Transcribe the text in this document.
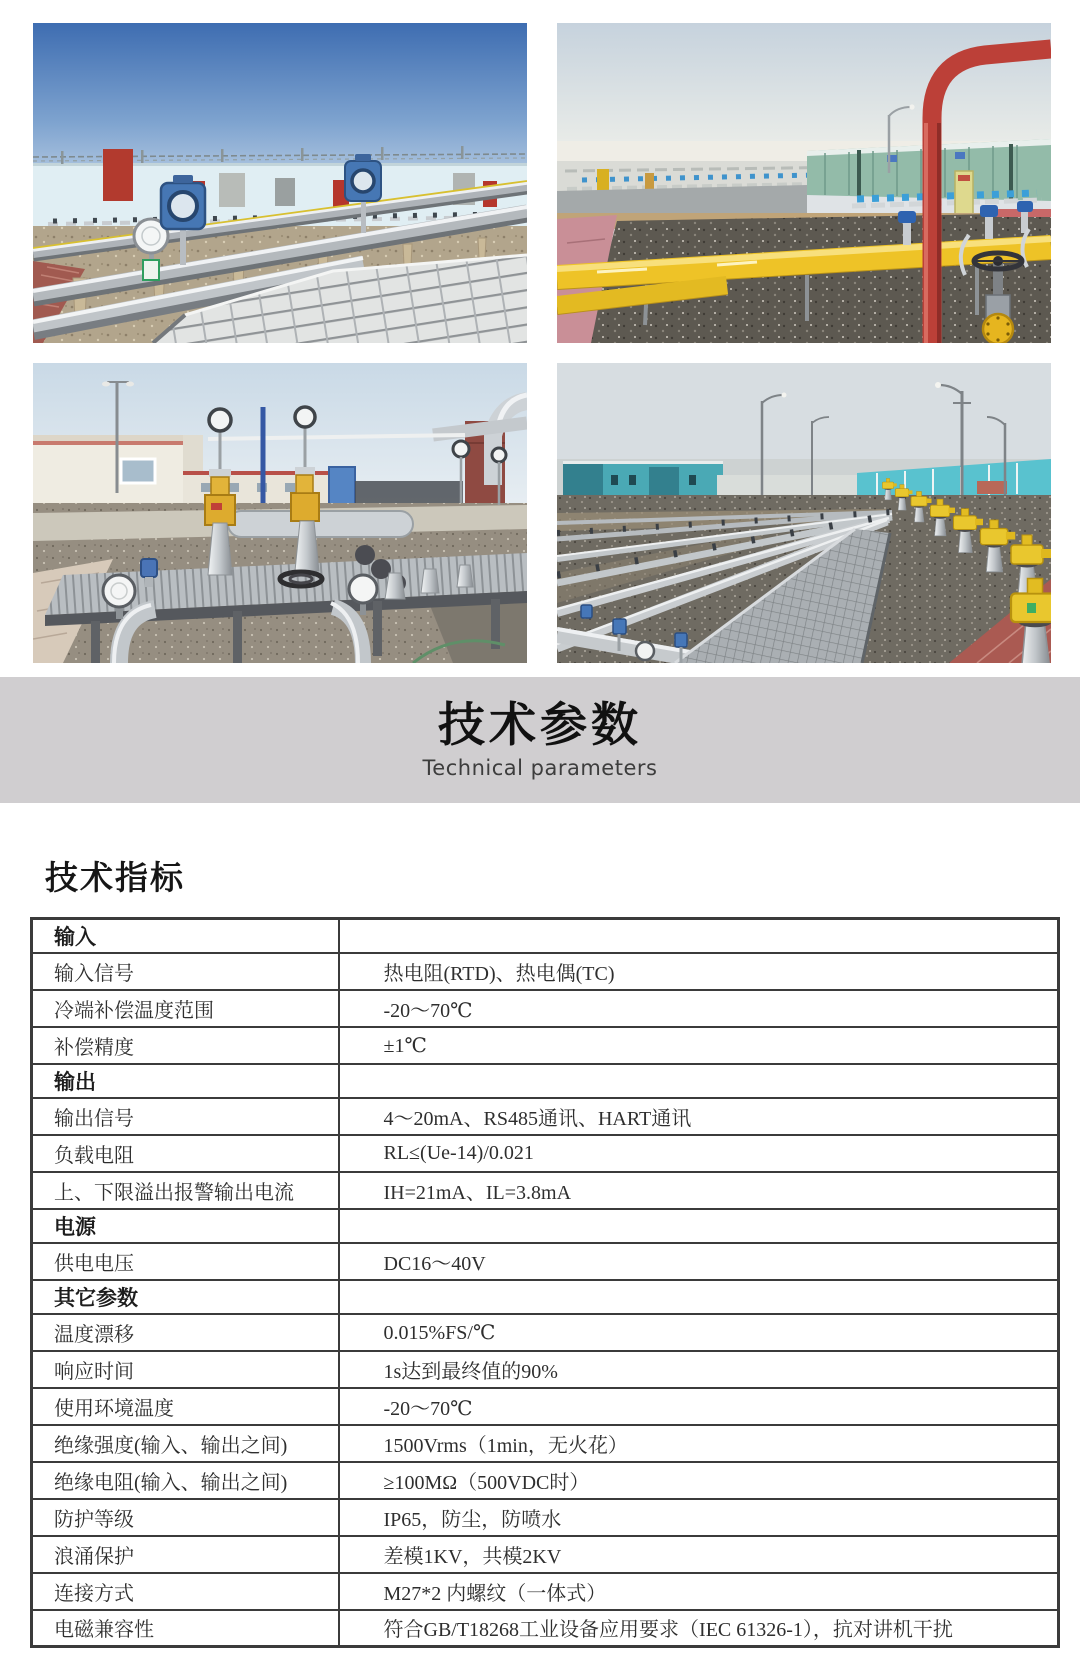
技术参数
Technical parameters
技术指标
输入	
输入信号	热电阻(RTD)、热电偶(TC)
冷端补偿温度范围	-20～70℃
补偿精度	±1℃
输出	
输出信号	4～20mA、RS485通讯、HART通讯
负载电阻	RL≤(Ue-14)/0.021
上、下限溢出报警输出电流	IH=21mA、IL=3.8mA
电源	
供电电压	DC16～40V
其它参数	
温度漂移	0.015%FS/℃
响应时间	1s达到最终值的90%
使用环境温度	-20～70℃
绝缘强度(输入、输出之间)	1500Vrms（1min，无火花）
绝缘电阻(输入、输出之间)	≥100MΩ（500VDC时）
防护等级	IP65，防尘，防喷水
浪涌保护	差模1KV，共模2KV
连接方式	M27*2 内螺纹（一体式）
电磁兼容性	符合GB/T18268工业设备应用要求（IEC 61326-1），抗对讲机干扰
